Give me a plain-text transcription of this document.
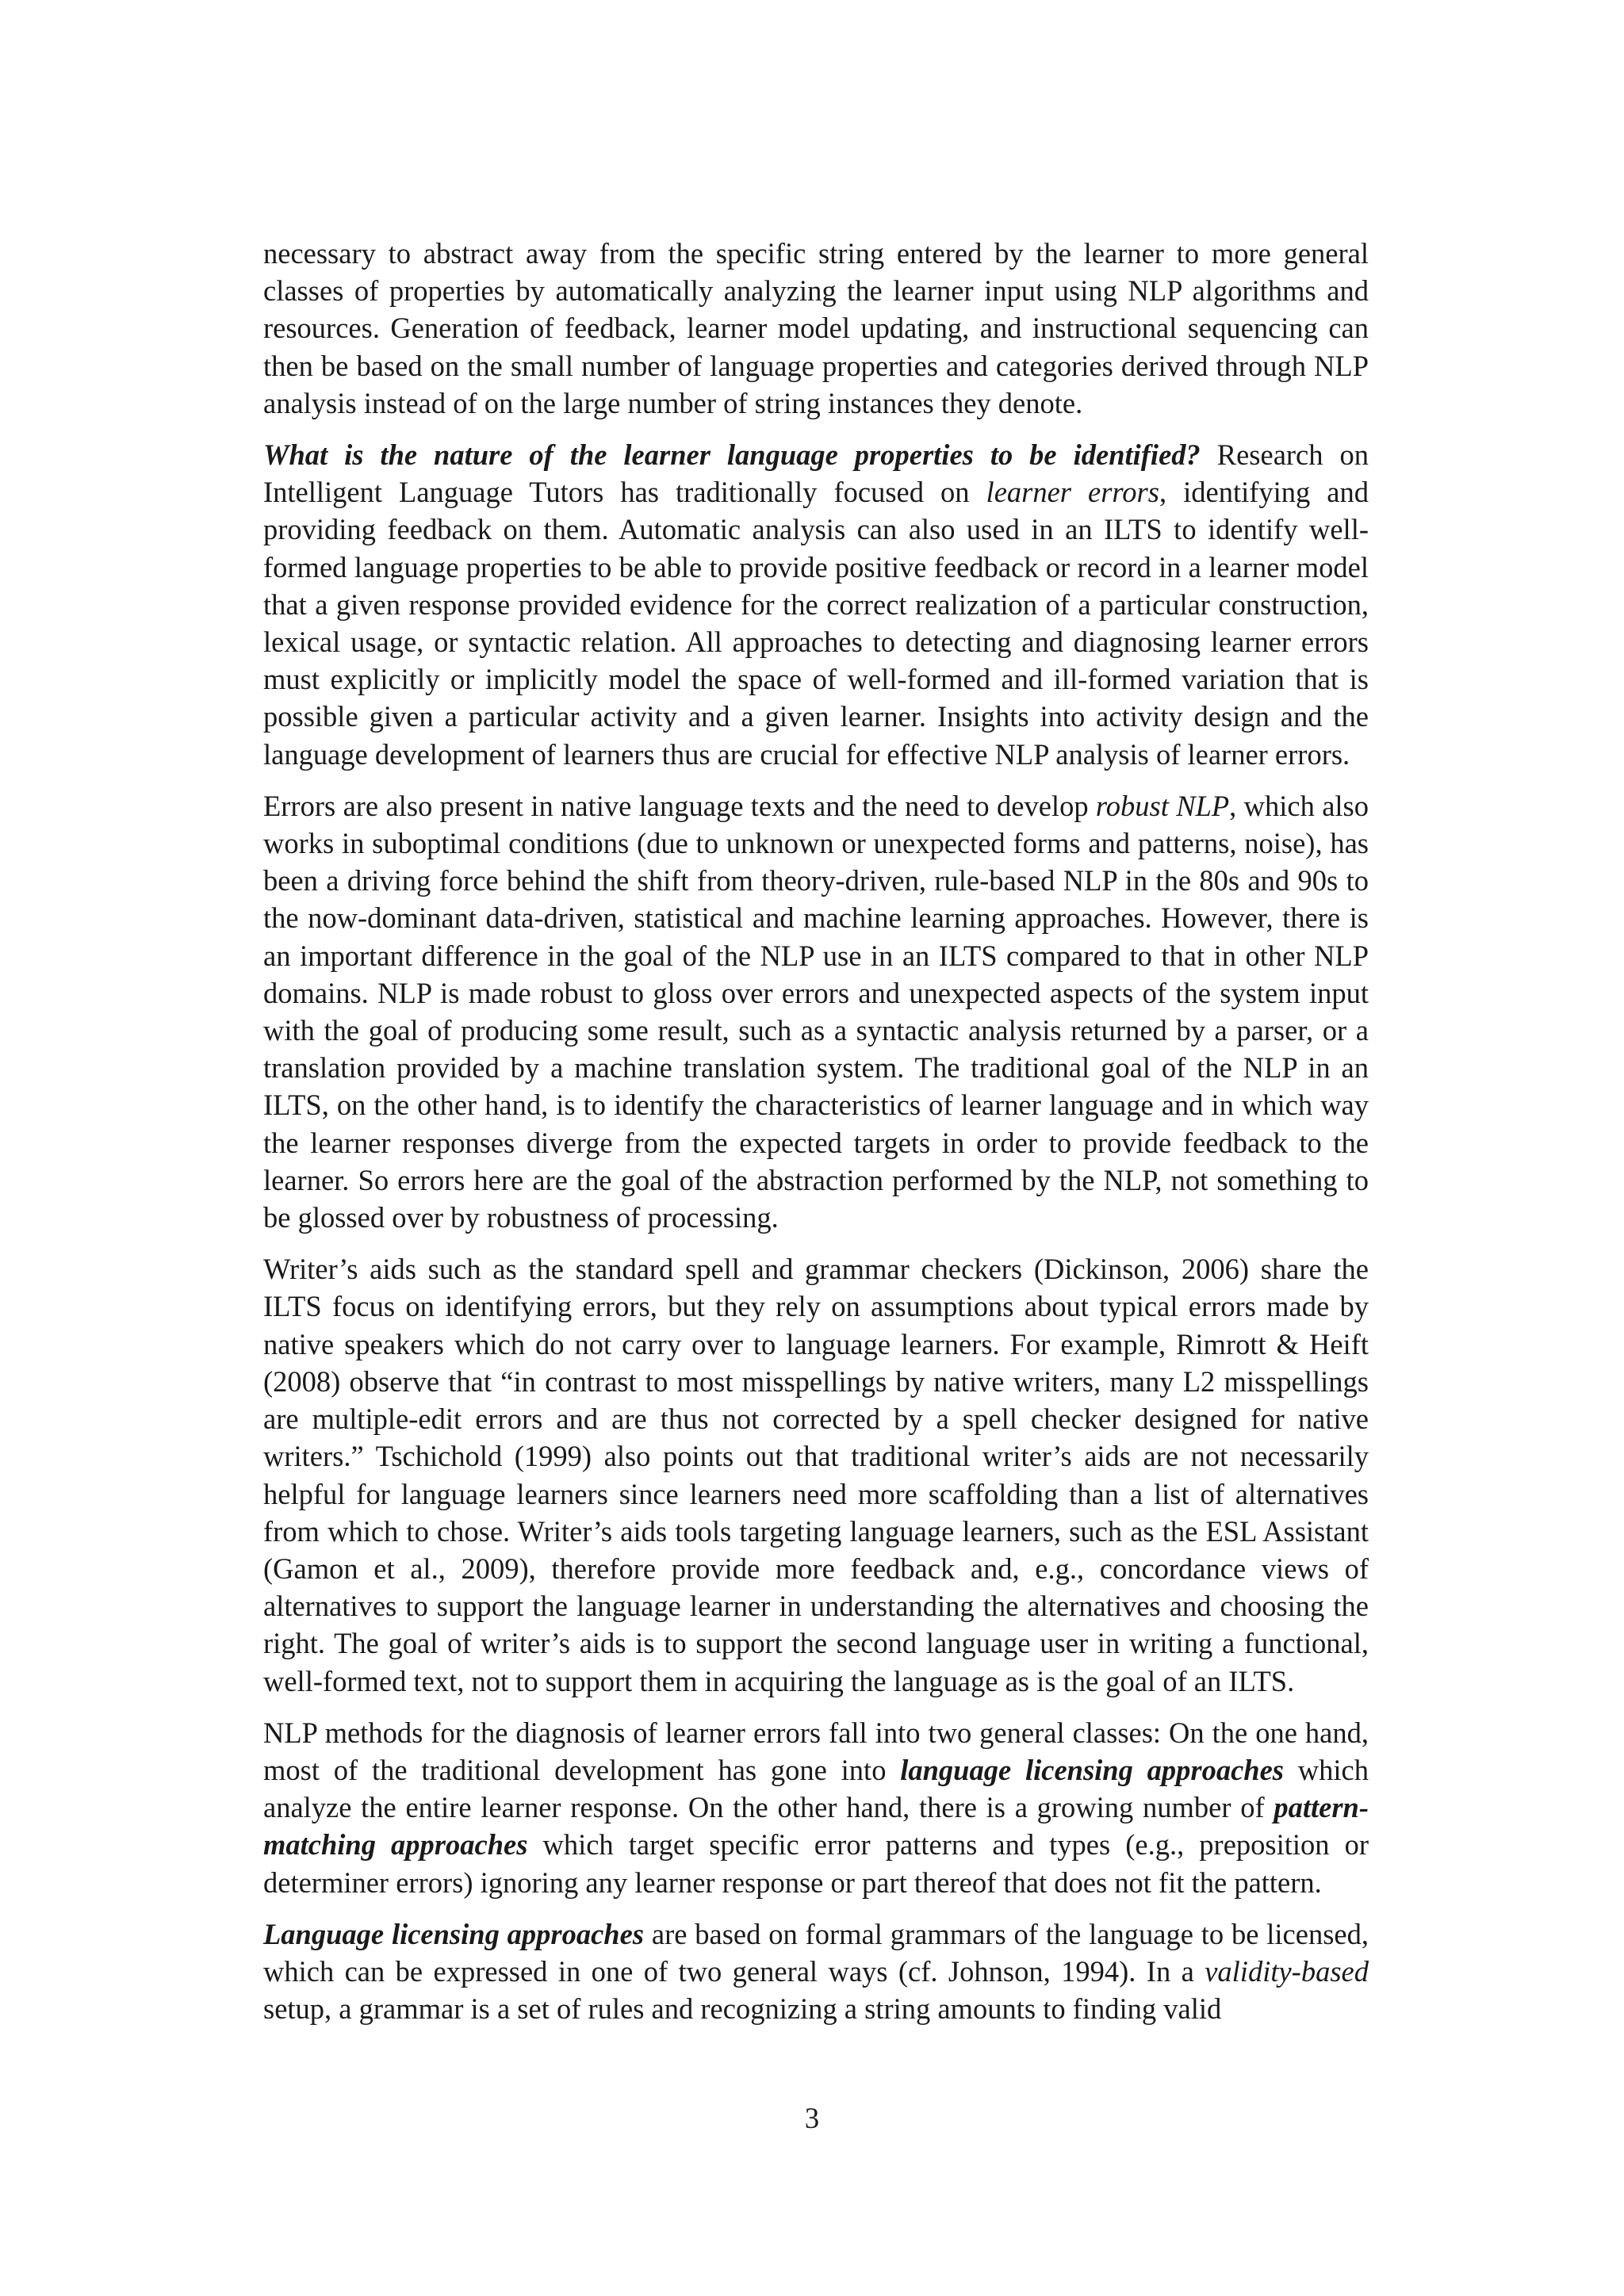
necessary to abstract away from the specific string entered by the learner to more general classes of properties by automatically analyzing the learner input using NLP algorithms and resources. Generation of feedback, learner model updating, and instructional sequencing can then be based on the small number of language properties and categories derived through NLP analysis instead of on the large number of string instances they denote.

What is the nature of the learner language properties to be identified? Research on Intelligent Language Tutors has traditionally focused on learner errors, identifying and providing feedback on them. Automatic analysis can also used in an ILTS to identify well-formed language properties to be able to provide positive feedback or record in a learner model that a given response provided evidence for the correct realization of a particular construction, lexical usage, or syntactic relation. All approaches to detecting and diagnosing learner errors must explicitly or implicitly model the space of well-formed and ill-formed variation that is possible given a particular activity and a given learner. Insights into activity design and the language development of learners thus are crucial for effective NLP analysis of learner errors.

Errors are also present in native language texts and the need to develop robust NLP, which also works in suboptimal conditions (due to unknown or unexpected forms and patterns, noise), has been a driving force behind the shift from theory-driven, rule-based NLP in the 80s and 90s to the now-dominant data-driven, statistical and machine learning approaches. However, there is an important difference in the goal of the NLP use in an ILTS compared to that in other NLP domains. NLP is made robust to gloss over errors and unexpected aspects of the system input with the goal of producing some result, such as a syntactic analysis returned by a parser, or a translation provided by a machine translation system. The traditional goal of the NLP in an ILTS, on the other hand, is to identify the characteristics of learner language and in which way the learner responses diverge from the expected targets in order to provide feedback to the learner. So errors here are the goal of the abstraction performed by the NLP, not something to be glossed over by robustness of processing.

Writer’s aids such as the standard spell and grammar checkers (Dickinson, 2006) share the ILTS focus on identifying errors, but they rely on assumptions about typical errors made by native speakers which do not carry over to language learners. For example, Rimrott & Heift (2008) observe that “in contrast to most misspellings by native writers, many L2 misspellings are multiple-edit errors and are thus not corrected by a spell checker designed for native writers.” Tschichold (1999) also points out that traditional writer’s aids are not necessarily helpful for language learners since learners need more scaffolding than a list of alternatives from which to chose. Writer’s aids tools targeting language learners, such as the ESL Assistant (Gamon et al., 2009), therefore provide more feedback and, e.g., concordance views of alternatives to support the language learner in understanding the alternatives and choosing the right. The goal of writer’s aids is to support the second language user in writing a functional, well-formed text, not to support them in acquiring the language as is the goal of an ILTS.

NLP methods for the diagnosis of learner errors fall into two general classes: On the one hand, most of the traditional development has gone into language licensing approaches which analyze the entire learner response. On the other hand, there is a growing number of pattern-matching approaches which target specific error patterns and types (e.g., preposition or determiner errors) ignoring any learner response or part thereof that does not fit the pattern.

Language licensing approaches are based on formal grammars of the language to be licensed, which can be expressed in one of two general ways (cf. Johnson, 1994). In a validity-based setup, a grammar is a set of rules and recognizing a string amounts to finding valid

3
